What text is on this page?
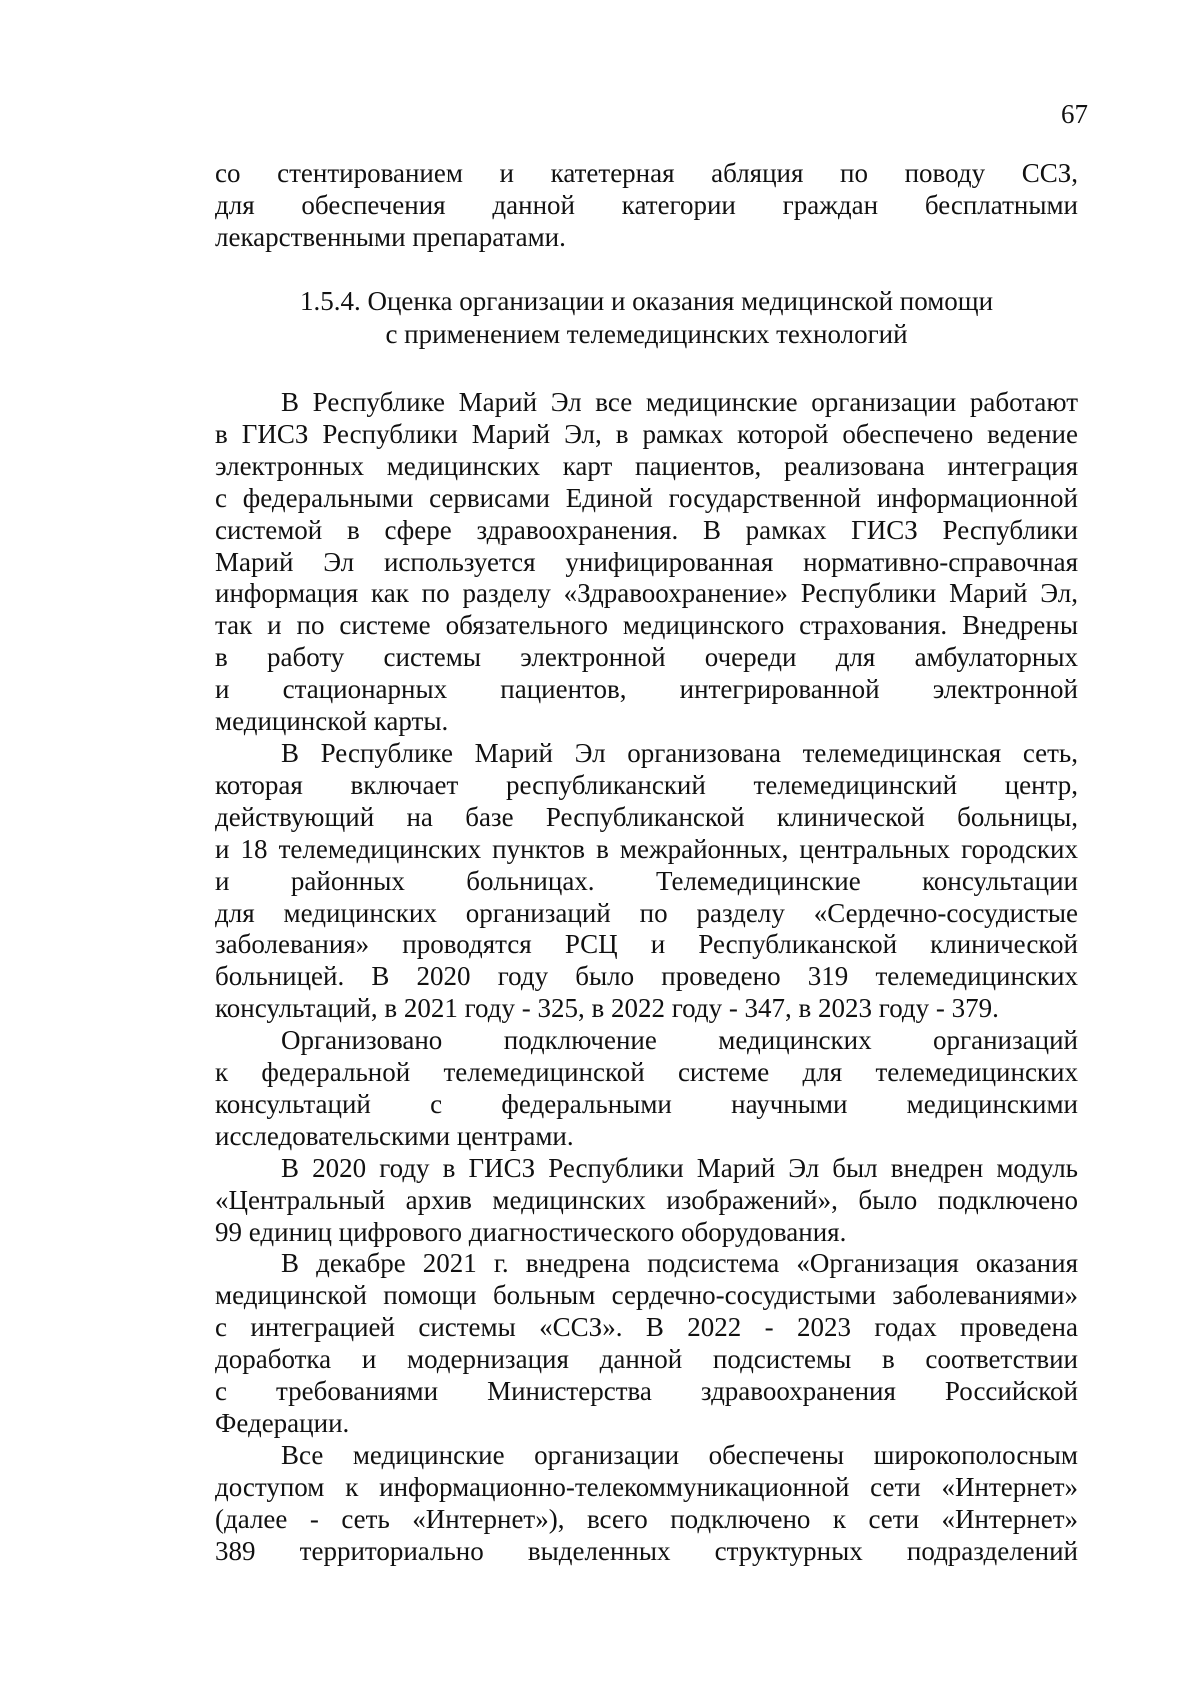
67

со стентированием и катетерная абляция по поводу ССЗ,
для обеспечения данной категории граждан бесплатными
лекарственными препаратами.

1.5.4. Оценка организации и оказания медицинской помощи
с применением телемедицинских технологий

В Республике Марий Эл все медицинские организации работают
в ГИСЗ Республики Марий Эл, в рамках которой обеспечено ведение
электронных медицинских карт пациентов, реализована интеграция
с федеральными сервисами Единой государственной информационной
системой в сфере здравоохранения. В рамках ГИСЗ Республики
Марий Эл используется унифицированная нормативно-справочная
информация как по разделу «Здравоохранение» Республики Марий Эл,
так и по системе обязательного медицинского страхования. Внедрены
в работу системы электронной очереди для амбулаторных
и стационарных пациентов, интегрированной электронной
медицинской карты.

В Республике Марий Эл организована телемедицинская сеть,
которая включает республиканский телемедицинский центр,
действующий на базе Республиканской клинической больницы,
и 18 телемедицинских пунктов в межрайонных, центральных городских
и районных больницах. Телемедицинские консультации
для медицинских организаций по разделу «Сердечно-сосудистые
заболевания» проводятся РСЦ и Республиканской клинической
больницей. В 2020 году было проведено 319 телемедицинских
консультаций, в 2021 году - 325, в 2022 году - 347, в 2023 году - 379.

Организовано подключение медицинских организаций
к федеральной телемедицинской системе для телемедицинских
консультаций с федеральными научными медицинскими
исследовательскими центрами.

В 2020 году в ГИСЗ Республики Марий Эл был внедрен модуль
«Центральный архив медицинских изображений», было подключено
99 единиц цифрового диагностического оборудования.

В декабре 2021 г. внедрена подсистема «Организация оказания
медицинской помощи больным сердечно-сосудистыми заболеваниями»
с интеграцией системы «ССЗ». В 2022 - 2023 годах проведена
доработка и модернизация данной подсистемы в соответствии
с требованиями Министерства здравоохранения Российской
Федерации.

Все медицинские организации обеспечены широкополосным
доступом к информационно-телекоммуникационной сети «Интернет»
(далее - сеть «Интернет»), всего подключено к сети «Интернет»
389 территориально выделенных структурных подразделений
